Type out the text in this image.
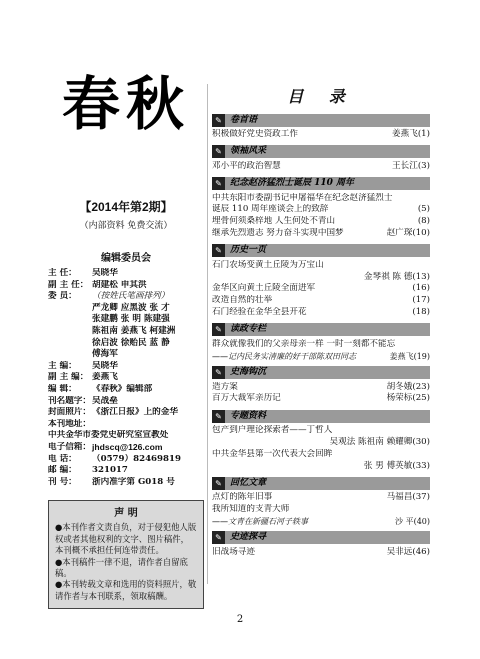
春秋
【2014年第2期】
（内部资料 免费交流）
编辑委员会
主 任：	吴晓华
副 主 任： 胡建松 申其洪
委 员：	（按姓氏笔画排列）
严龙卿 应黑波 张 才
张建鹏 张 明 陈建强
陈祖南 姜燕飞 柯建洲
徐启波 徐贻民 蓝 静
傅海军
主 编：	吴晓华
副 主 编： 姜燕飞
编 辑：	《春秋》编辑部
刊名题字： 吴战垒
封面照片： 《浙江日报》上的金华
本刊地址：
中共金华市委党史研究室宣教处
电子信箱： jhdscq@126.com
电 话：	（0579）82469819
邮 编：	321017
刊 号：	浙内准字第 G018 号
声 明
●本刊作者文责自负，对于侵犯他人版权或者其他权利的文字、图片稿件，本刊概不承担任何连带责任。
●本刊稿件一律不退，请作者自留底稿。
●本刊转载文章和选用的资料照片，敬请作者与本刊联系，领取稿酬。
目 录
✎ 卷首语
积极做好党史资政工作	姜燕飞(1)
✎ 领袖风采
邓小平的政治智慧	王长江(3)
✎ 纪念赵济猛烈士诞辰 110 周年
中共东阳市委副书记申屠福华在纪念赵济猛烈士
诞辰 110 周年座谈会上的致辞	(5)
埋骨何须桑梓地 人生何处不青山	(8)
继承先烈遗志 努力奋斗实现中国梦	赵广琛(10)
✎ 历史一页
石门农场变黄土丘陵为万宝山
金琴祺 陈 德(13)
金华区向黄土丘陵全面进军	(16)
改造自然的壮举	(17)
石门经验在金华全县开花	(18)
✎ 读政专栏
群众就像我们的父亲母亲一样 一时一刻都不能忘
——记内民务实清廉的好干部陈双田同志	姜燕飞(19)
✎ 史海钩沉
造方案	胡冬娥(23)
百万大裁军亲历记	杨荣标(25)
✎ 专题资料
包产到户理论探索者——丁哲人
吴观法 陈祖南 赖耀卿(30)
中共金华县第一次代表大会回眸
张 男 傅英敏(33)
✎ 回忆文章
点灯的陈年旧事	马福昌(37)
我所知道的支青大师
——文青在新疆石河子轶事	沙 平(40)
✎ 史迹探寻
旧战场寻迹	吴非远(46)
2
